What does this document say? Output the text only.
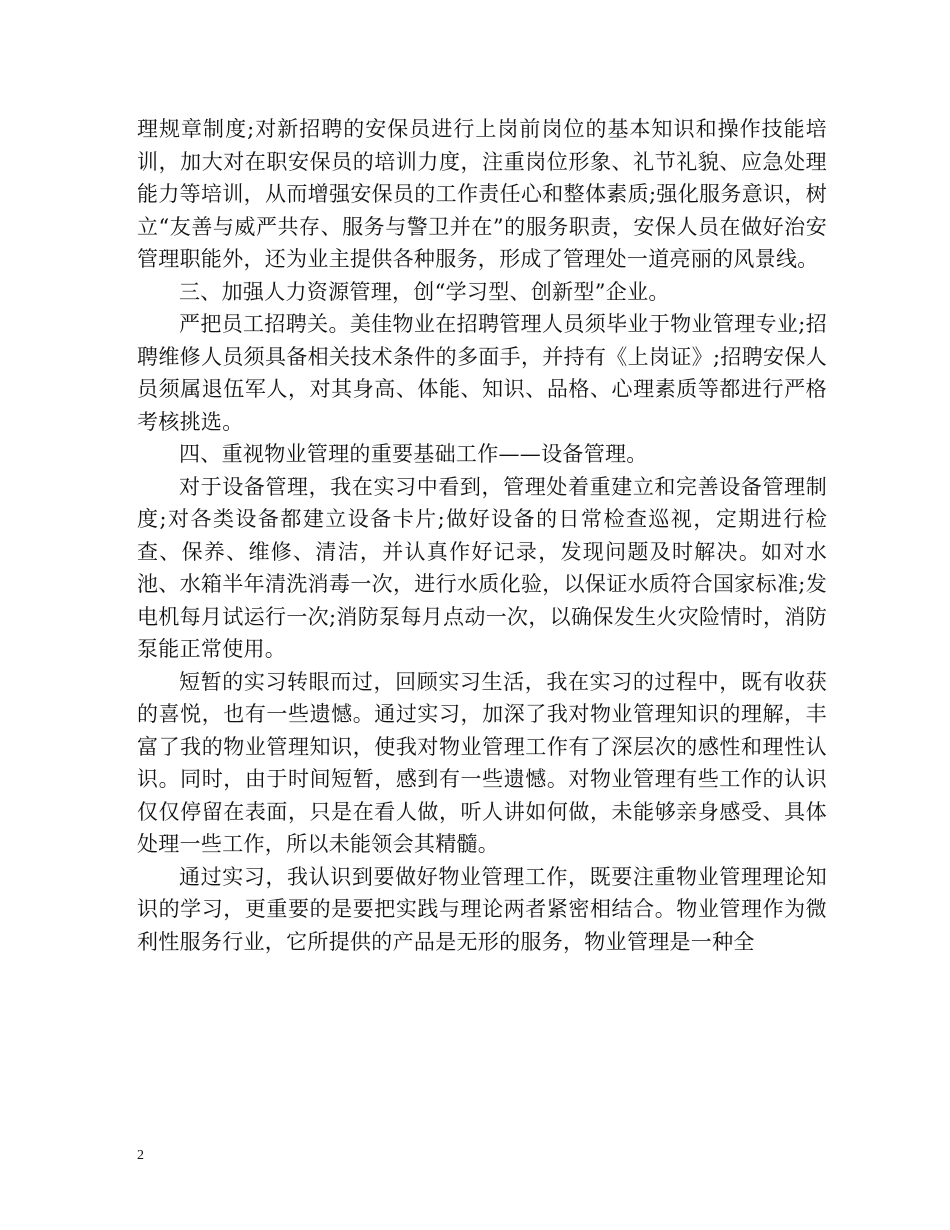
理规章制度;对新招聘的安保员进行上岗前岗位的基本知识和操作技能培训，加大对在职安保员的培训力度，注重岗位形象、礼节礼貌、应急处理能力等培训，从而增强安保员的工作责任心和整体素质;强化服务意识，树立“友善与威严共存、服务与警卫并在”的服务职责，安保人员在做好治安管理职能外，还为业主提供各种服务，形成了管理处一道亮丽的风景线。

三、加强人力资源管理，创“学习型、创新型”企业。

严把员工招聘关。美佳物业在招聘管理人员须毕业于物业管理专业;招聘维修人员须具备相关技术条件的多面手，并持有《上岗证》;招聘安保人员须属退伍军人，对其身高、体能、知识、品格、心理素质等都进行严格考核挑选。

四、重视物业管理的重要基础工作——设备管理。

对于设备管理，我在实习中看到，管理处着重建立和完善设备管理制度;对各类设备都建立设备卡片;做好设备的日常检查巡视，定期进行检查、保养、维修、清洁，并认真作好记录，发现问题及时解决。如对水池、水箱半年清洗消毒一次，进行水质化验，以保证水质符合国家标准;发电机每月试运行一次;消防泵每月点动一次，以确保发生火灾险情时，消防泵能正常使用。

短暂的实习转眼而过，回顾实习生活，我在实习的过程中，既有收获的喜悦，也有一些遗憾。通过实习，加深了我对物业管理知识的理解，丰富了我的物业管理知识，使我对物业管理工作有了深层次的感性和理性认识。同时，由于时间短暂，感到有一些遗憾。对物业管理有些工作的认识仅仅停留在表面，只是在看人做，听人讲如何做，未能够亲身感受、具体处理一些工作，所以未能领会其精髓。

通过实习，我认识到要做好物业管理工作，既要注重物业管理理论知识的学习，更重要的是要把实践与理论两者紧密相结合。物业管理作为微利性服务行业，它所提供的产品是无形的服务，物业管理是一种全

2
